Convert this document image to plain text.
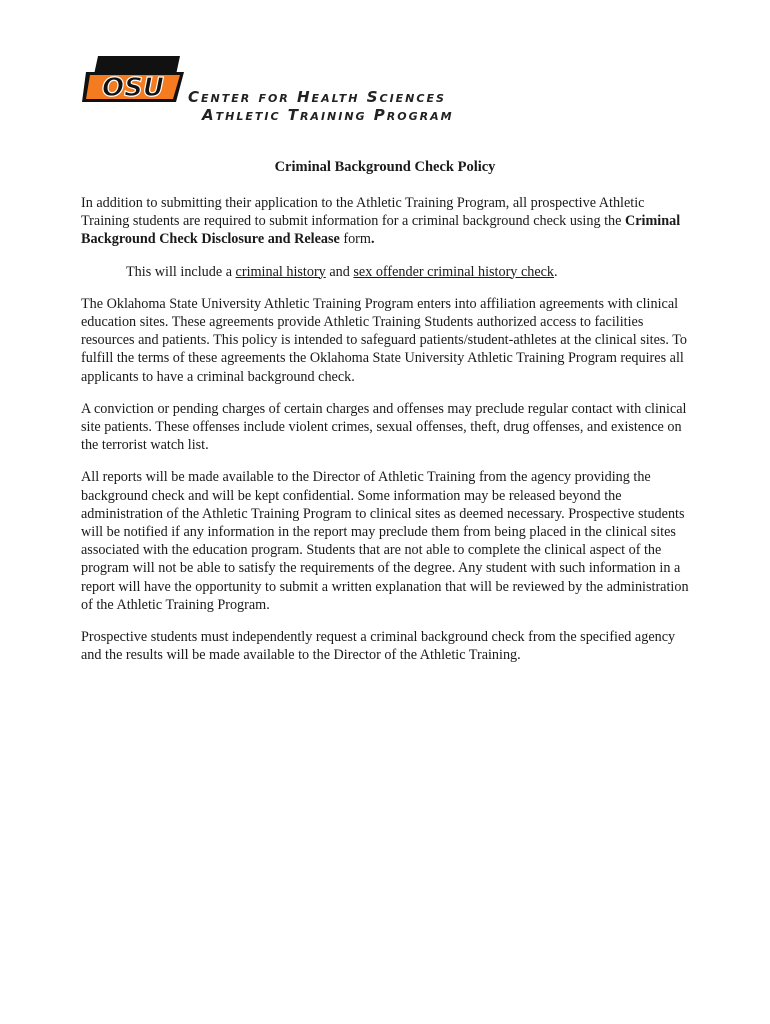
OSU Center for Health Sciences
Athletic Training Program
Criminal Background Check Policy

In addition to submitting their application to the Athletic Training Program, all prospective Athletic Training students are required to submit information for a criminal background check using the Criminal Background Check Disclosure and Release form.

This will include a criminal history and sex offender criminal history check.

The Oklahoma State University Athletic Training Program enters into affiliation agreements with clinical education sites. These agreements provide Athletic Training Students authorized access to facilities resources and patients. This policy is intended to safeguard patients/student-athletes at the clinical sites. To fulfill the terms of these agreements the Oklahoma State University Athletic Training Program requires all applicants to have a criminal background check.

A conviction or pending charges of certain charges and offenses may preclude regular contact with clinical site patients. These offenses include violent crimes, sexual offenses, theft, drug offenses, and existence on the terrorist watch list.

All reports will be made available to the Director of Athletic Training from the agency providing the background check and will be kept confidential. Some information may be released beyond the administration of the Athletic Training Program to clinical sites as deemed necessary. Prospective students will be notified if any information in the report may preclude them from being placed in the clinical sites associated with the education program. Students that are not able to complete the clinical aspect of the program will not be able to satisfy the requirements of the degree. Any student with such information in a report will have the opportunity to submit a written explanation that will be reviewed by the administration of the Athletic Training Program.

Prospective students must independently request a criminal background check from the specified agency and the results will be made available to the Director of the Athletic Training.
